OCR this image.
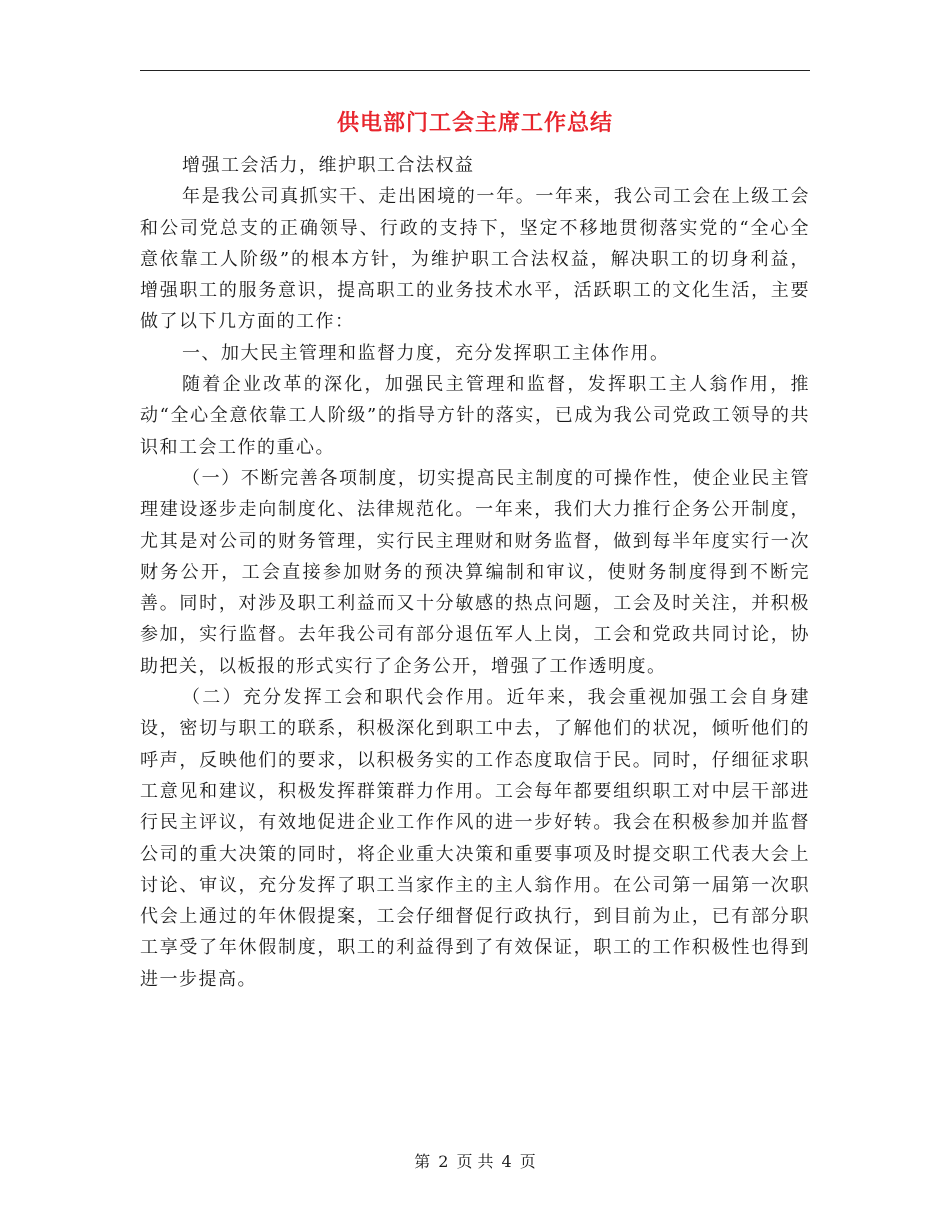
供电部门工会主席工作总结

增强工会活力，维护职工合法权益

年是我公司真抓实干、走出困境的一年。一年来，我公司工会在上级工会和公司党总支的正确领导、行政的支持下，坚定不移地贯彻落实党的“全心全意依靠工人阶级”的根本方针，为维护职工合法权益，解决职工的切身利益，增强职工的服务意识，提高职工的业务技术水平，活跃职工的文化生活，主要做了以下几方面的工作：

一、加大民主管理和监督力度，充分发挥职工主体作用。

随着企业改革的深化，加强民主管理和监督，发挥职工主人翁作用，推动“全心全意依靠工人阶级”的指导方针的落实，已成为我公司党政工领导的共识和工会工作的重心。

（一）不断完善各项制度，切实提高民主制度的可操作性，使企业民主管理建设逐步走向制度化、法律规范化。一年来，我们大力推行企务公开制度，尤其是对公司的财务管理，实行民主理财和财务监督，做到每半年度实行一次财务公开，工会直接参加财务的预决算编制和审议，使财务制度得到不断完善。同时，对涉及职工利益而又十分敏感的热点问题，工会及时关注，并积极参加，实行监督。去年我公司有部分退伍军人上岗，工会和党政共同讨论，协助把关，以板报的形式实行了企务公开，增强了工作透明度。

（二）充分发挥工会和职代会作用。近年来，我会重视加强工会自身建设，密切与职工的联系，积极深化到职工中去，了解他们的状况，倾听他们的呼声，反映他们的要求，以积极务实的工作态度取信于民。同时，仔细征求职工意见和建议，积极发挥群策群力作用。工会每年都要组织职工对中层干部进行民主评议，有效地促进企业工作作风的进一步好转。我会在积极参加并监督公司的重大决策的同时，将企业重大决策和重要事项及时提交职工代表大会上讨论、审议，充分发挥了职工当家作主的主人翁作用。在公司第一届第一次职代会上通过的年休假提案，工会仔细督促行政执行，到目前为止，已有部分职工享受了年休假制度，职工的利益得到了有效保证，职工的工作积极性也得到进一步提高。

第 2 页 共 4 页
